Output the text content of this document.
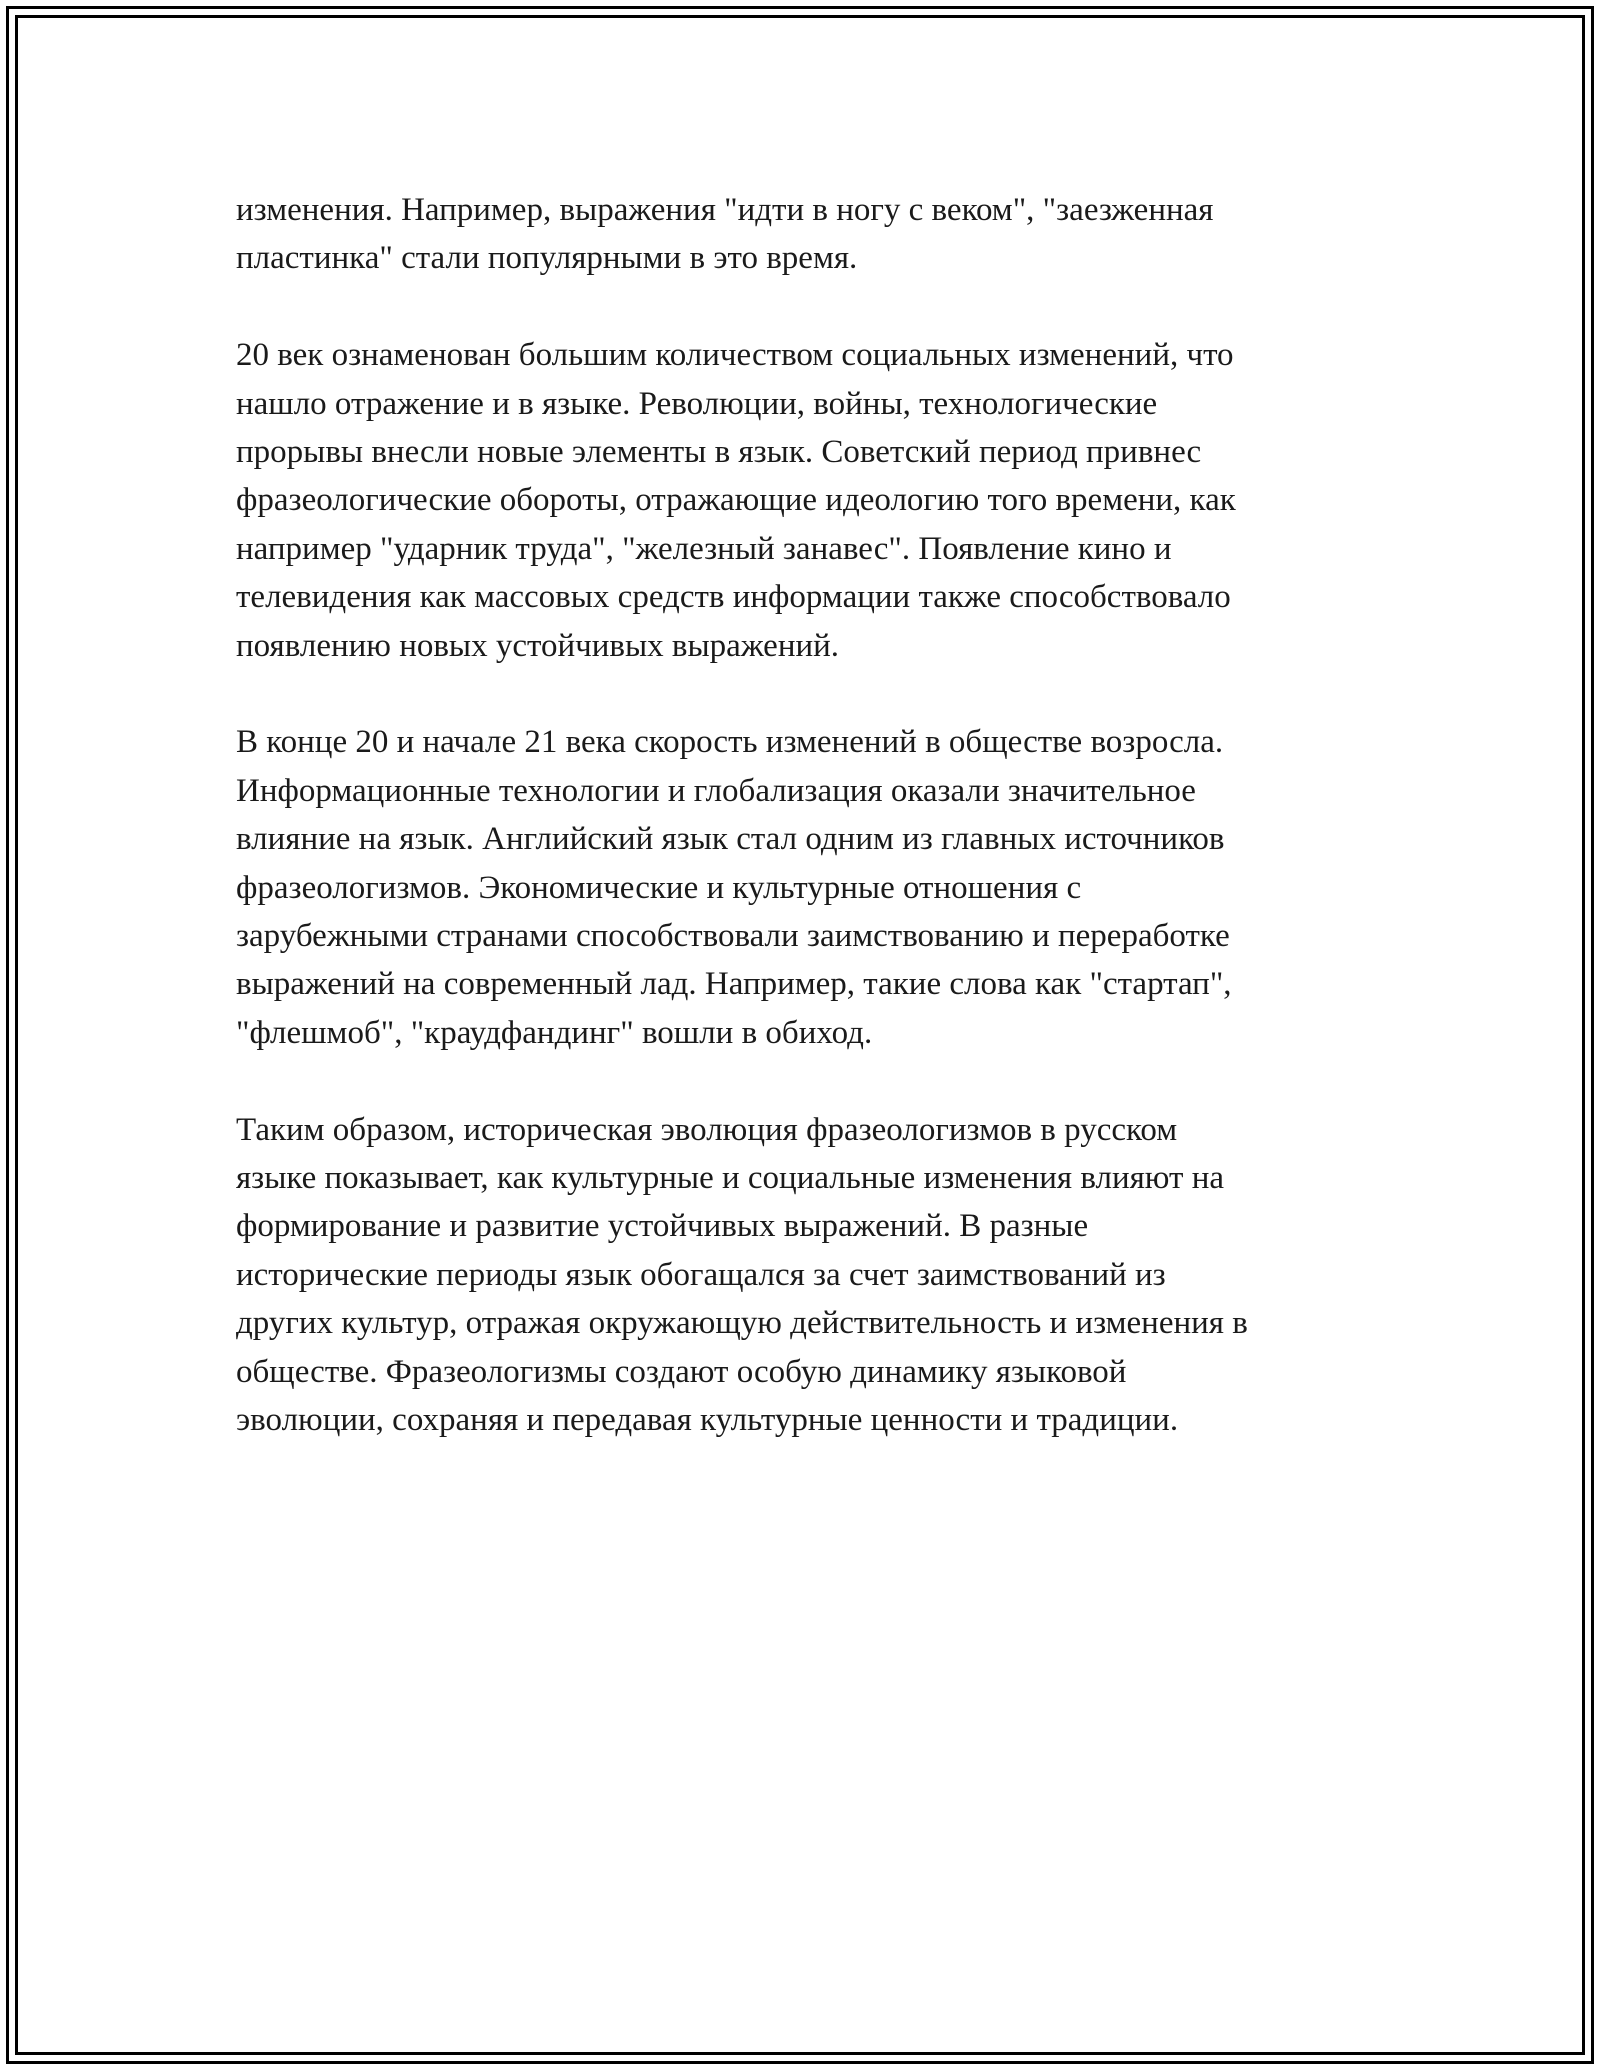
изменения. Например, выражения "идти в ногу с веком", "заезженная
пластинка" стали популярными в это время.

20 век ознаменован большим количеством социальных изменений, что
нашло отражение и в языке. Революции, войны, технологические
прорывы внесли новые элементы в язык. Советский период привнес
фразеологические обороты, отражающие идеологию того времени, как
например "ударник труда", "железный занавес". Появление кино и
телевидения как массовых средств информации также способствовало
появлению новых устойчивых выражений.

В конце 20 и начале 21 века скорость изменений в обществе возросла.
Информационные технологии и глобализация оказали значительное
влияние на язык. Английский язык стал одним из главных источников
фразеологизмов. Экономические и культурные отношения с
зарубежными странами способствовали заимствованию и переработке
выражений на современный лад. Например, такие слова как "стартап",
"флешмоб", "краудфандинг" вошли в обиход.

Таким образом, историческая эволюция фразеологизмов в русском
языке показывает, как культурные и социальные изменения влияют на
формирование и развитие устойчивых выражений. В разные
исторические периоды язык обогащался за счет заимствований из
других культур, отражая окружающую действительность и изменения в
обществе. Фразеологизмы создают особую динамику языковой
эволюции, сохраняя и передавая культурные ценности и традиции.
